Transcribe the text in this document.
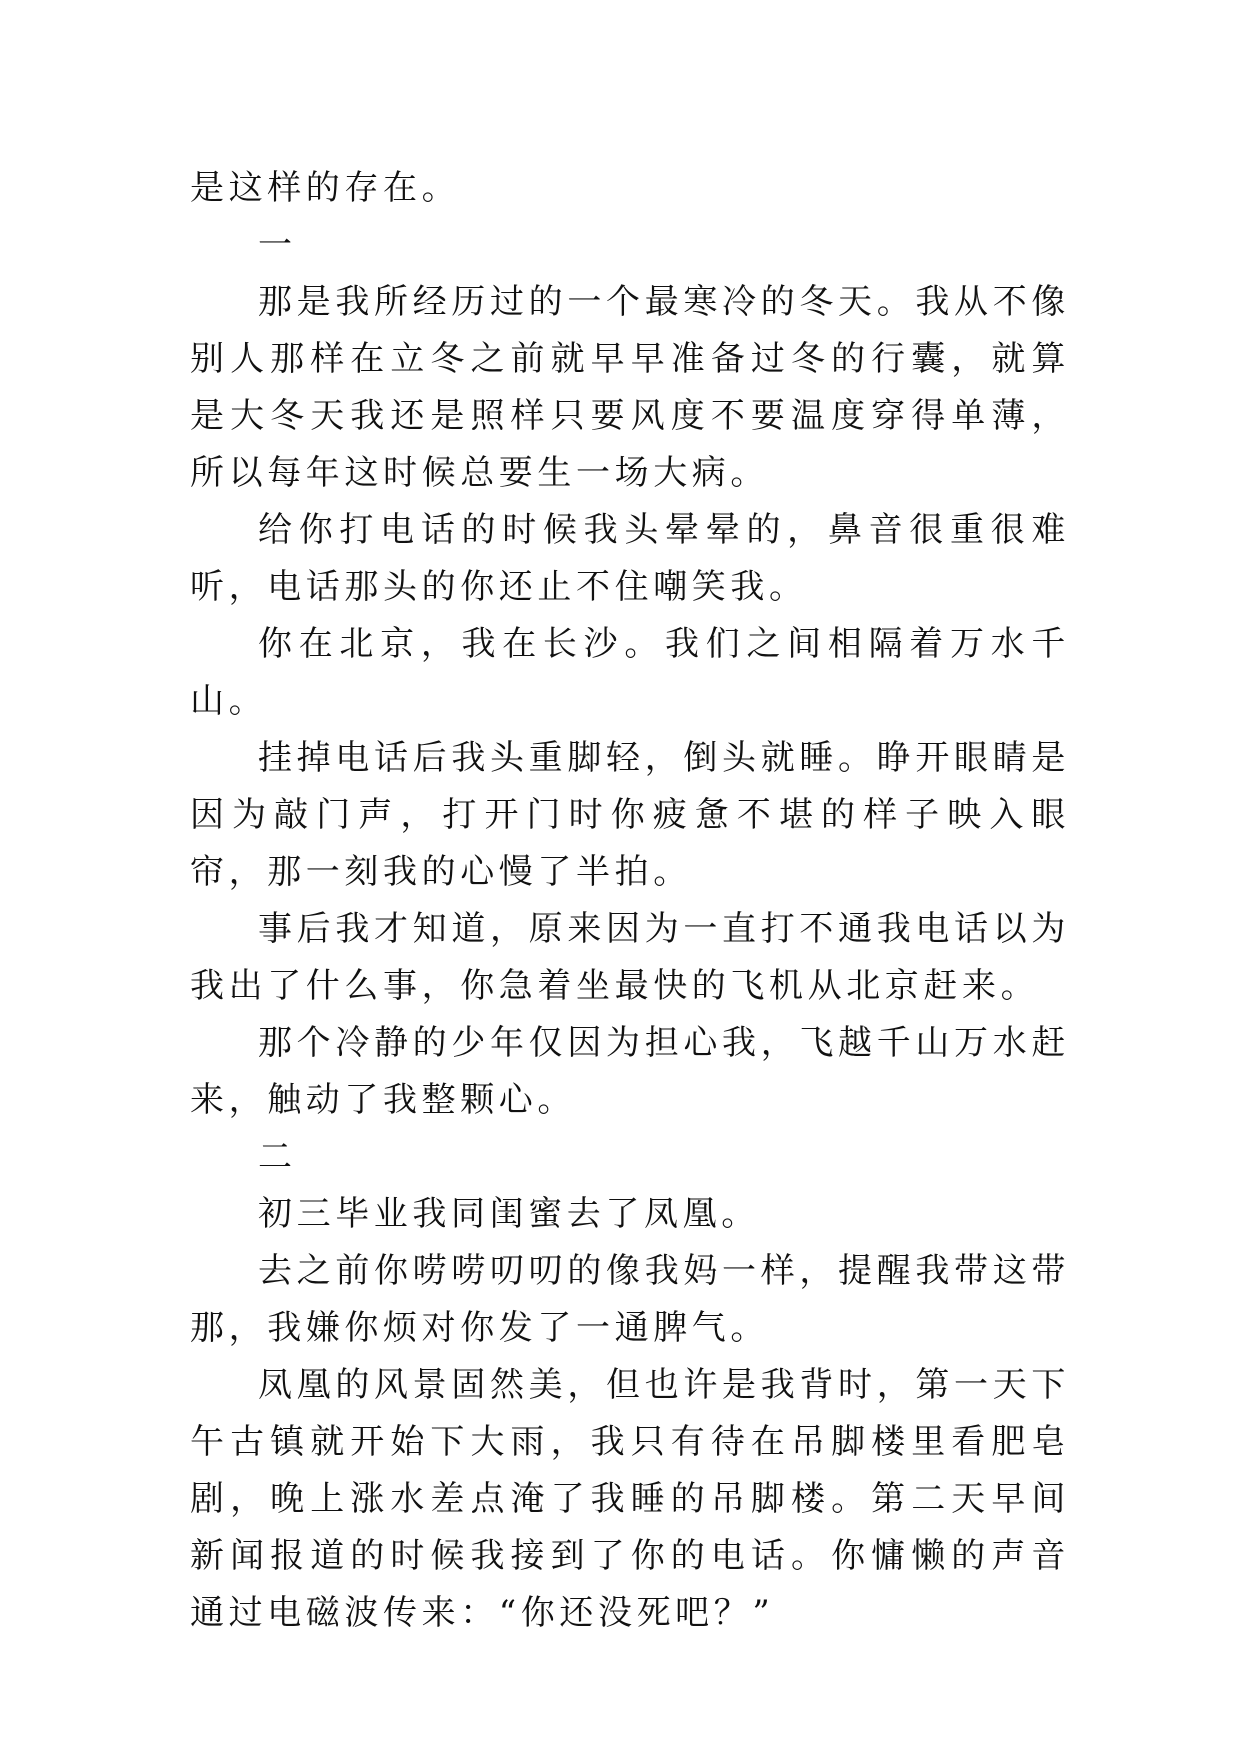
是这样的存在。

一

那是我所经历过的一个最寒冷的冬天。我从不像别人那样在立冬之前就早早准备过冬的行囊，就算是大冬天我还是照样只要风度不要温度穿得单薄，所以每年这时候总要生一场大病。

给你打电话的时候我头晕晕的，鼻音很重很难听，电话那头的你还止不住嘲笑我。

你在北京，我在长沙。我们之间相隔着万水千山。

挂掉电话后我头重脚轻，倒头就睡。睁开眼睛是因为敲门声，打开门时你疲惫不堪的样子映入眼帘，那一刻我的心慢了半拍。

事后我才知道，原来因为一直打不通我电话以为我出了什么事，你急着坐最快的飞机从北京赶来。

那个冷静的少年仅因为担心我，飞越千山万水赶来，触动了我整颗心。

二

初三毕业我同闺蜜去了凤凰。

去之前你唠唠叨叨的像我妈一样，提醒我带这带那，我嫌你烦对你发了一通脾气。

凤凰的风景固然美，但也许是我背时，第一天下午古镇就开始下大雨，我只有待在吊脚楼里看肥皂剧，晚上涨水差点淹了我睡的吊脚楼。第二天早间新闻报道的时候我接到了你的电话。你慵懒的声音通过电磁波传来：“你还没死吧？”
